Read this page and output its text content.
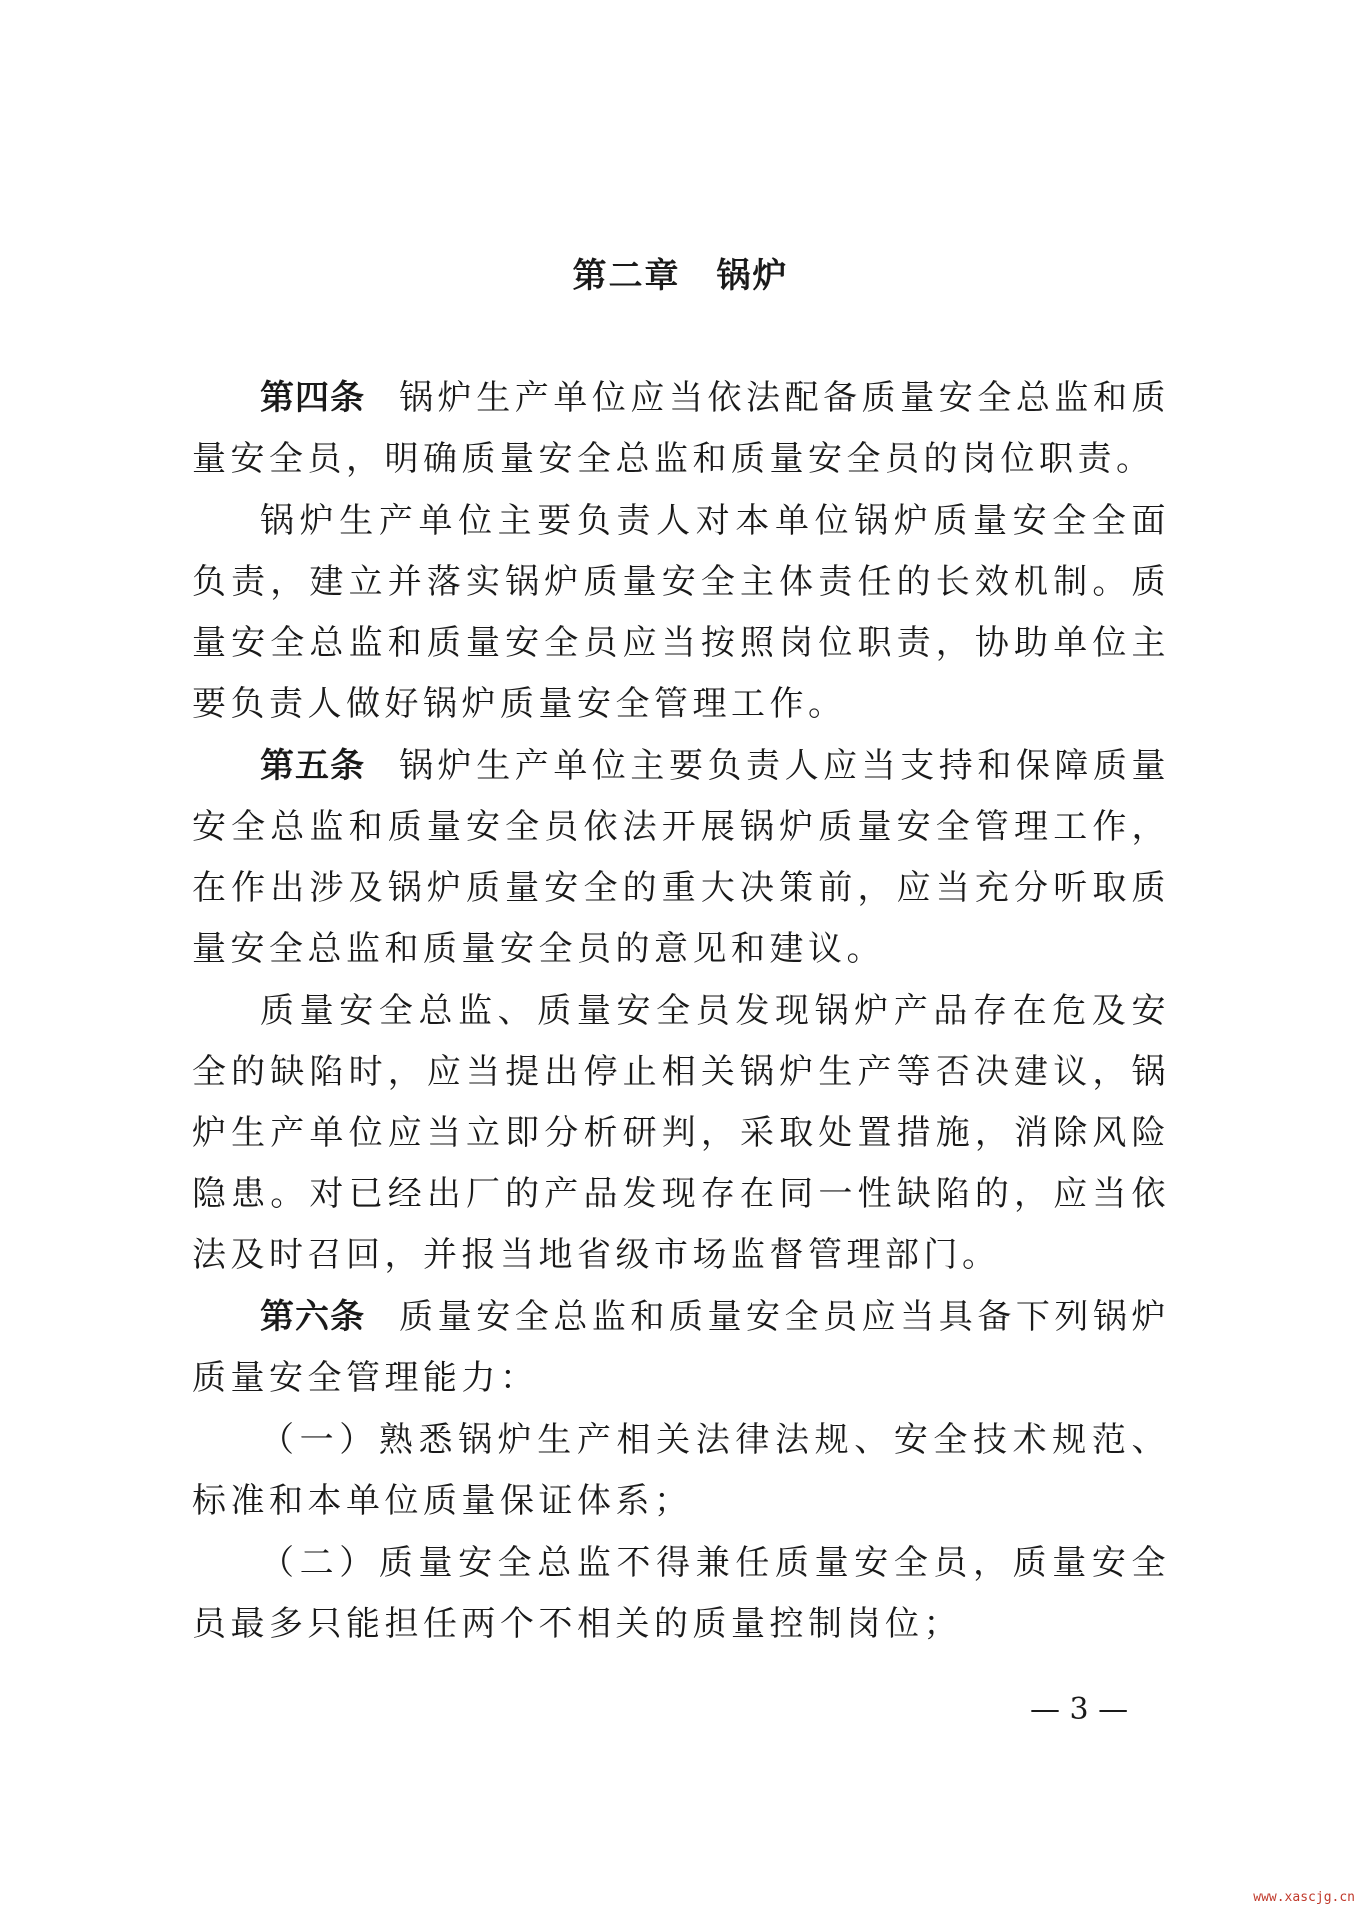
第二章　锅炉

第四条 锅炉生产单位应当依法配备质量安全总监和质量安全员，明确质量安全总监和质量安全员的岗位职责。

锅炉生产单位主要负责人对本单位锅炉质量安全全面负责，建立并落实锅炉质量安全主体责任的长效机制。质量安全总监和质量安全员应当按照岗位职责，协助单位主要负责人做好锅炉质量安全管理工作。

第五条 锅炉生产单位主要负责人应当支持和保障质量安全总监和质量安全员依法开展锅炉质量安全管理工作，在作出涉及锅炉质量安全的重大决策前，应当充分听取质量安全总监和质量安全员的意见和建议。

质量安全总监、质量安全员发现锅炉产品存在危及安全的缺陷时，应当提出停止相关锅炉生产等否决建议，锅炉生产单位应当立即分析研判，采取处置措施，消除风险隐患。对已经出厂的产品发现存在同一性缺陷的，应当依法及时召回，并报当地省级市场监督管理部门。

第六条 质量安全总监和质量安全员应当具备下列锅炉质量安全管理能力：

（一）熟悉锅炉生产相关法律法规、安全技术规范、标准和本单位质量保证体系；

（二）质量安全总监不得兼任质量安全员，质量安全员最多只能担任两个不相关的质量控制岗位；

— 3 —
www.xascjg.cn
